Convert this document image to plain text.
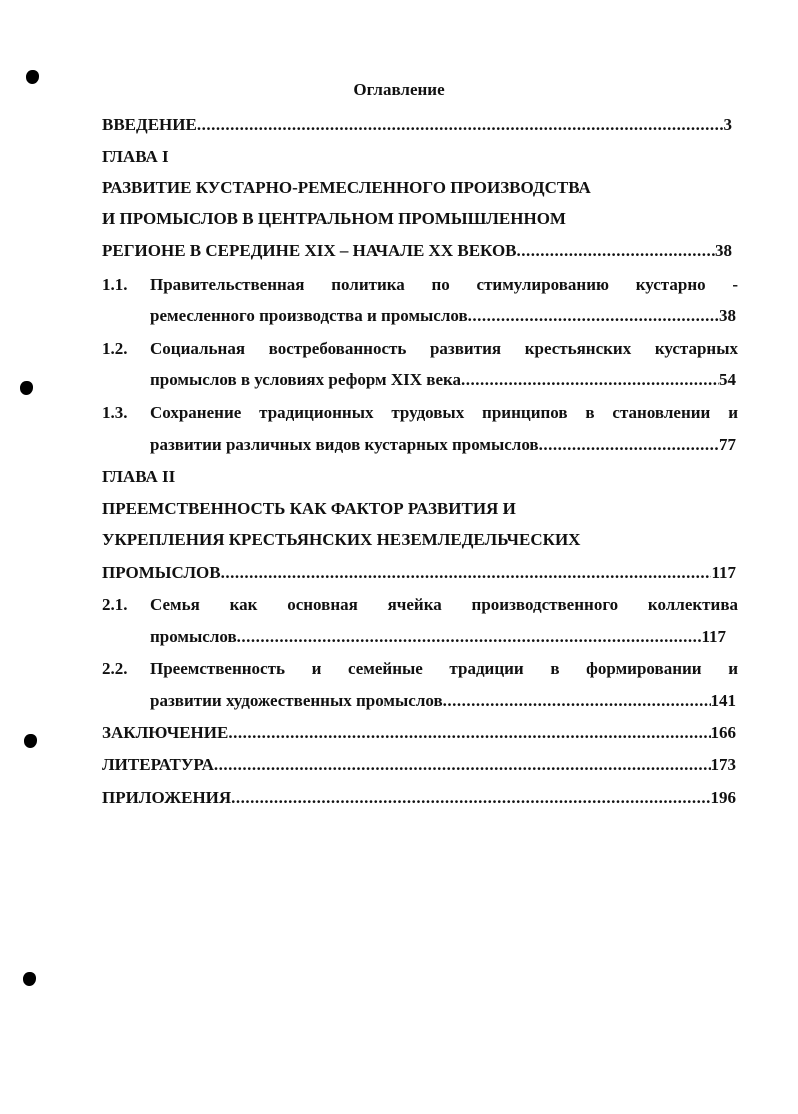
Оглавление
ВВЕДЕНИЕ .....	3
ГЛАВА I
РАЗВИТИЕ КУСТАРНО-РЕМЕСЛЕННОГО ПРОИЗВОДСТВА
И ПРОМЫСЛОВ В ЦЕНТРАЛЬНОМ ПРОМЫШЛЕННОМ
РЕГИОНЕ В СЕРЕДИНЕ XIX – НАЧАЛЕ XX ВЕКОВ .....	38
1.1.	Правительственная политика по стимулированию кустарно -
ремесленного производства и промыслов .....	38
1.2.	Социальная востребованность развития крестьянских кустарных
промыслов в условиях реформ XIX века .....	54
1.3.	Сохранение традиционных трудовых принципов в становлении и
развитии различных видов кустарных промыслов .....	77
ГЛАВА II
ПРЕЕМСТВЕННОСТЬ КАК ФАКТОР РАЗВИТИЯ И
УКРЕПЛЕНИЯ КРЕСТЬЯНСКИХ НЕЗЕМЛЕДЕЛЬЧЕСКИХ
ПРОМЫСЛОВ .....	117
2.1.	Семья как основная ячейка производственного коллектива
промыслов .....	117
2.2.	Преемственность и семейные традиции в формировании и
развитии художественных промыслов .....	141
ЗАКЛЮЧЕНИЕ .....	166
ЛИТЕРАТУРА .....	173
ПРИЛОЖЕНИЯ .....	196
